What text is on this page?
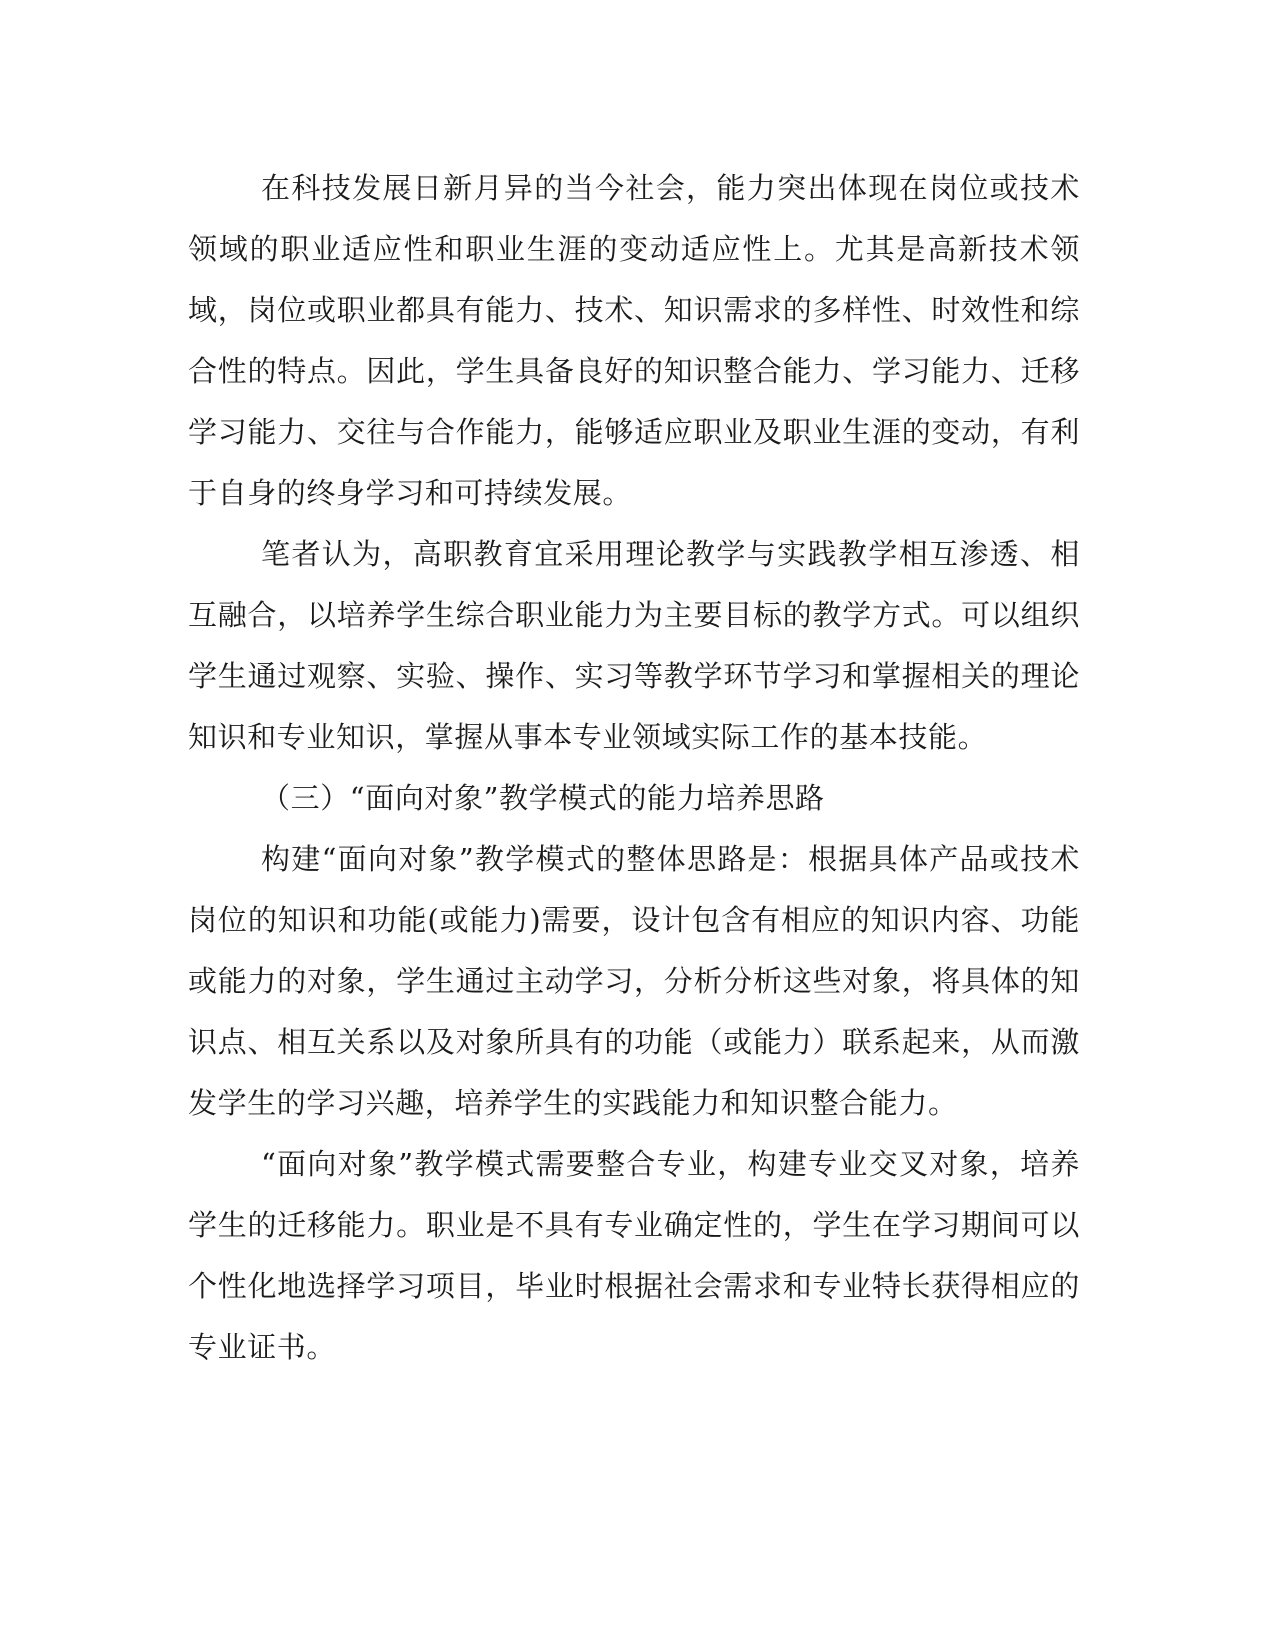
在科技发展日新月异的当今社会，能力突出体现在岗位或技术领域的职业适应性和职业生涯的变动适应性上。尤其是高新技术领域，岗位或职业都具有能力、技术、知识需求的多样性、时效性和综合性的特点。因此，学生具备良好的知识整合能力、学习能力、迁移学习能力、交往与合作能力，能够适应职业及职业生涯的变动，有利于自身的终身学习和可持续发展。

笔者认为，高职教育宜采用理论教学与实践教学相互渗透、相互融合，以培养学生综合职业能力为主要目标的教学方式。可以组织学生通过观察、实验、操作、实习等教学环节学习和掌握相关的理论知识和专业知识，掌握从事本专业领域实际工作的基本技能。

（三）“面向对象”教学模式的能力培养思路

构建“面向对象”教学模式的整体思路是：根据具体产品或技术岗位的知识和功能(或能力)需要，设计包含有相应的知识内容、功能或能力的对象，学生通过主动学习，分析分析这些对象，将具体的知识点、相互关系以及对象所具有的功能（或能力）联系起来，从而激发学生的学习兴趣，培养学生的实践能力和知识整合能力。

“面向对象”教学模式需要整合专业，构建专业交叉对象，培养学生的迁移能力。职业是不具有专业确定性的，学生在学习期间可以个性化地选择学习项目，毕业时根据社会需求和专业特长获得相应的专业证书。
